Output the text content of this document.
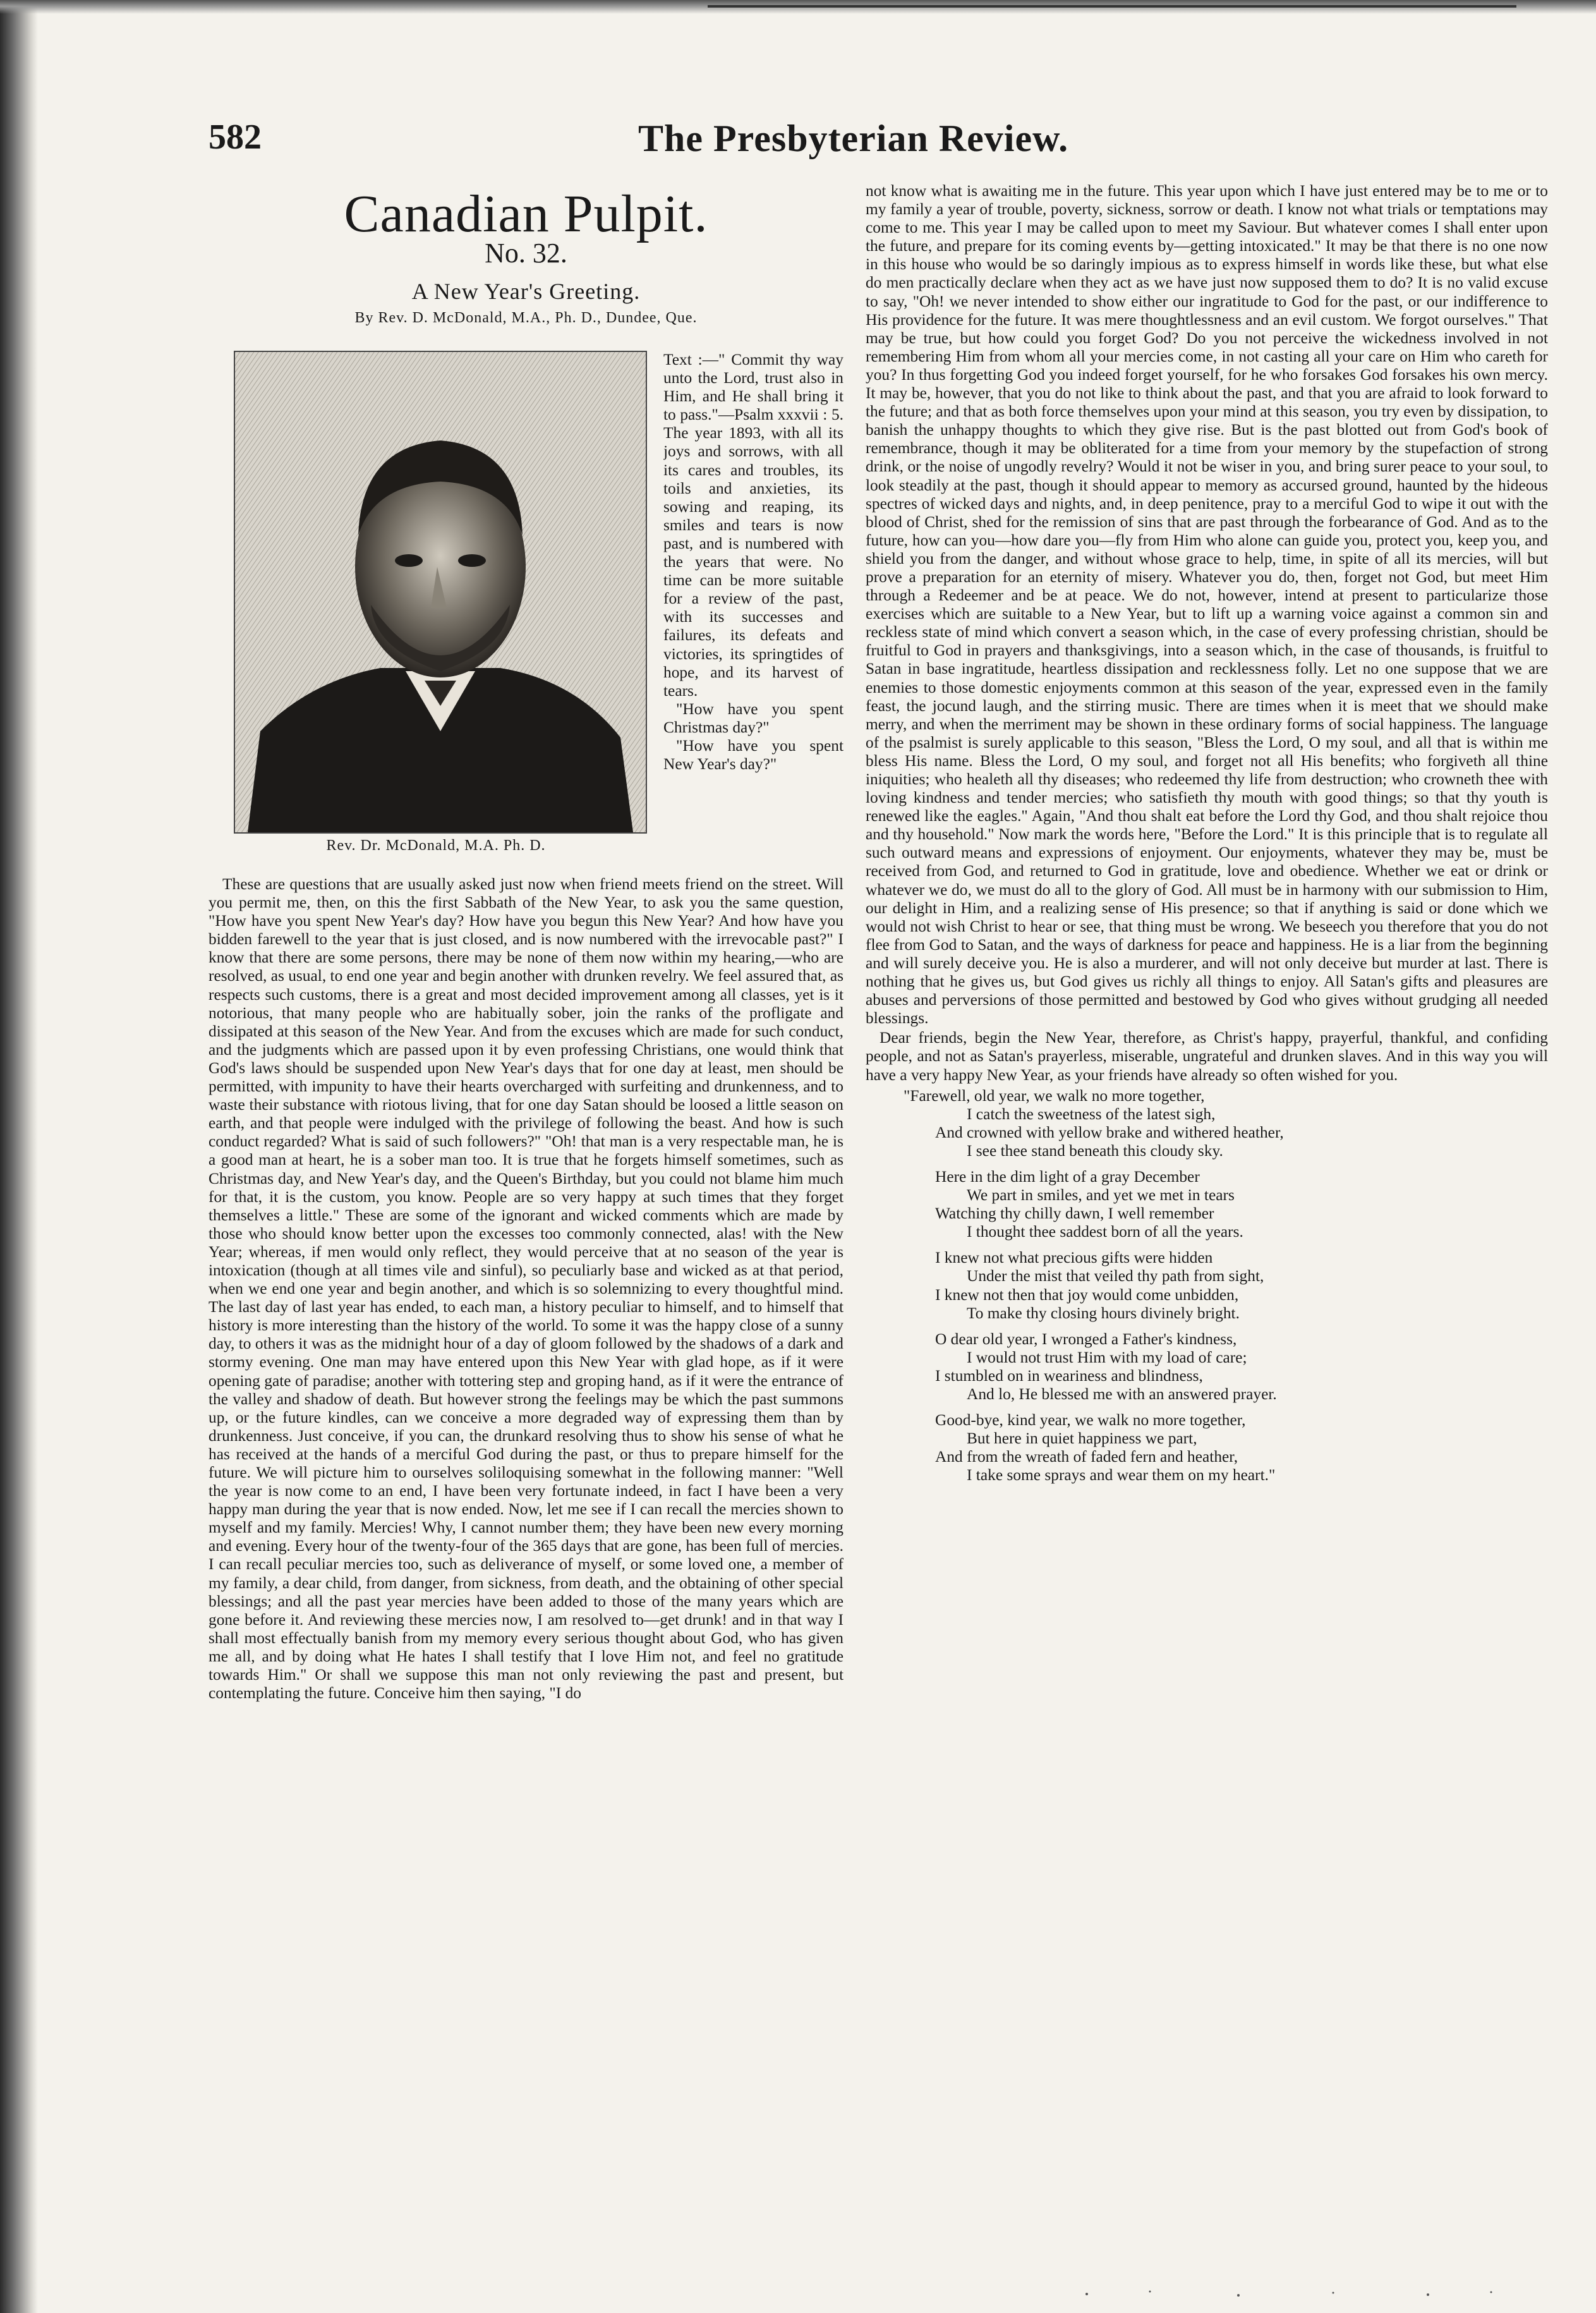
582	The Presbyterian Review.
Canadian Pulpit.
No. 32.
A New Year's Greeting.
By Rev. D. McDonald, M.A., Ph. D., Dundee, Que.

Text :—" Commit thy way unto the Lord, trust also in Him, and He shall bring it to pass."—Psalm xxxvii : 5. The year 1893, with all its joys and sorrows, with all its cares and troubles, its toils and anxieties, its sowing and reaping, its smiles and tears is now past, and is numbered with the years that were. No time can be more suitable for a review of the past, with its successes and failures, its defeats and victories, its springtides of hope, and its harvest of tears.

"How have you spent Christmas day?"

"How have you spent New Year's day?"

Rev. Dr. McDonald, M.A. Ph. D.

These are questions that are usually asked just now when friend meets friend on the street. Will you permit me, then, on this the first Sabbath of the New Year, to ask you the same question, "How have you spent New Year's day? How have you begun this New Year? And how have you bidden farewell to the year that is just closed, and is now numbered with the irrevocable past?" I know that there are some persons, there may be none of them now within my hearing,—who are resolved, as usual, to end one year and begin another with drunken revelry. We feel assured that, as respects such customs, there is a great and most decided improvement among all classes, yet is it notorious, that many people who are habitually sober, join the ranks of the profligate and dissipated at this season of the New Year. And from the excuses which are made for such conduct, and the judgments which are passed upon it by even professing Christians, one would think that God's laws should be suspended upon New Year's days that for one day at least, men should be permitted, with impunity to have their hearts overcharged with surfeiting and drunkenness, and to waste their substance with riotous living, that for one day Satan should be loosed a little season on earth, and that people were indulged with the privilege of following the beast. And how is such conduct regarded? What is said of such followers?" "Oh! that man is a very respectable man, he is a good man at heart, he is a sober man too. It is true that he forgets himself sometimes, such as Christmas day, and New Year's day, and the Queen's Birthday, but you could not blame him much for that, it is the custom, you know. People are so very happy at such times that they forget themselves a little." These are some of the ignorant and wicked comments which are made by those who should know better upon the excesses too commonly connected, alas! with the New Year; whereas, if men would only reflect, they would perceive that at no season of the year is intoxication (though at all times vile and sinful), so peculiarly base and wicked as at that period, when we end one year and begin another, and which is so solemnizing to every thoughtful mind. The last day of last year has ended, to each man, a history peculiar to himself, and to himself that history is more interesting than the history of the world. To some it was the happy close of a sunny day, to others it was as the midnight hour of a day of gloom followed by the shadows of a dark and stormy evening. One man may have entered upon this New Year with glad hope, as if it were opening gate of paradise; another with tottering step and groping hand, as if it were the entrance of the valley and shadow of death. But however strong the feelings may be which the past summons up, or the future kindles, can we conceive a more degraded way of expressing them than by drunkenness. Just conceive, if you can, the drunkard resolving thus to show his sense of what he has received at the hands of a merciful God during the past, or thus to prepare himself for the future. We will picture him to ourselves soliloquising somewhat in the following manner: "Well the year is now come to an end, I have been very fortunate indeed, in fact I have been a very happy man during the year that is now ended. Now, let me see if I can recall the mercies shown to myself and my family. Mercies! Why, I cannot number them; they have been new every morning and evening. Every hour of the twenty-four of the 365 days that are gone, has been full of mercies. I can recall peculiar mercies too, such as deliverance of myself, or some loved one, a member of my family, a dear child, from danger, from sickness, from death, and the obtaining of other special blessings; and all the past year mercies have been added to those of the many years which are gone before it. And reviewing these mercies now, I am resolved to—get drunk! and in that way I shall most effectually banish from my memory every serious thought about God, who has given me all, and by doing what He hates I shall testify that I love Him not, and feel no gratitude towards Him." Or shall we suppose this man not only reviewing the past and present, but contemplating the future. Conceive him then saying, "I do

not know what is awaiting me in the future. This year upon which I have just entered may be to me or to my family a year of trouble, poverty, sickness, sorrow or death. I know not what trials or temptations may come to me. This year I may be called upon to meet my Saviour. But whatever comes I shall enter upon the future, and prepare for its coming events by—getting intoxicated." It may be that there is no one now in this house who would be so daringly impious as to express himself in words like these, but what else do men practically declare when they act as we have just now supposed them to do? It is no valid excuse to say, "Oh! we never intended to show either our ingratitude to God for the past, or our indifference to His providence for the future. It was mere thoughtlessness and an evil custom. We forgot ourselves." That may be true, but how could you forget God? Do you not perceive the wickedness involved in not remembering Him from whom all your mercies come, in not casting all your care on Him who careth for you? In thus forgetting God you indeed forget yourself, for he who forsakes God forsakes his own mercy. It may be, however, that you do not like to think about the past, and that you are afraid to look forward to the future; and that as both force themselves upon your mind at this season, you try even by dissipation, to banish the unhappy thoughts to which they give rise. But is the past blotted out from God's book of remembrance, though it may be obliterated for a time from your memory by the stupefaction of strong drink, or the noise of ungodly revelry? Would it not be wiser in you, and bring surer peace to your soul, to look steadily at the past, though it should appear to memory as accursed ground, haunted by the hideous spectres of wicked days and nights, and, in deep penitence, pray to a merciful God to wipe it out with the blood of Christ, shed for the remission of sins that are past through the forbearance of God. And as to the future, how can you—how dare you—fly from Him who alone can guide you, protect you, keep you, and shield you from the danger, and without whose grace to help, time, in spite of all its mercies, will but prove a preparation for an eternity of misery. Whatever you do, then, forget not God, but meet Him through a Redeemer and be at peace. We do not, however, intend at present to particularize those exercises which are suitable to a New Year, but to lift up a warning voice against a common sin and reckless state of mind which convert a season which, in the case of every professing christian, should be fruitful to God in prayers and thanksgivings, into a season which, in the case of thousands, is fruitful to Satan in base ingratitude, heartless dissipation and recklessness folly. Let no one suppose that we are enemies to those domestic enjoyments common at this season of the year, expressed even in the family feast, the jocund laugh, and the stirring music. There are times when it is meet that we should make merry, and when the merriment may be shown in these ordinary forms of social happiness. The language of the psalmist is surely applicable to this season, "Bless the Lord, O my soul, and all that is within me bless His name. Bless the Lord, O my soul, and forget not all His benefits; who forgiveth all thine iniquities; who healeth all thy diseases; who redeemed thy life from destruction; who crowneth thee with loving kindness and tender mercies; who satisfieth thy mouth with good things; so that thy youth is renewed like the eagles." Again, "And thou shalt eat before the Lord thy God, and thou shalt rejoice thou and thy household." Now mark the words here, "Before the Lord." It is this principle that is to regulate all such outward means and expressions of enjoyment. Our enjoyments, whatever they may be, must be received from God, and returned to God in gratitude, love and obedience. Whether we eat or drink or whatever we do, we must do all to the glory of God. All must be in harmony with our submission to Him, our delight in Him, and a realizing sense of His presence; so that if anything is said or done which we would not wish Christ to hear or see, that thing must be wrong. We beseech you therefore that you do not flee from God to Satan, and the ways of darkness for peace and happiness. He is a liar from the beginning and will surely deceive you. He is also a murderer, and will not only deceive but murder at last. There is nothing that he gives us, but God gives us richly all things to enjoy. All Satan's gifts and pleasures are abuses and perversions of those permitted and bestowed by God who gives without grudging all needed blessings.

Dear friends, begin the New Year, therefore, as Christ's happy, prayerful, thankful, and confiding people, and not as Satan's prayerless, miserable, ungrateful and drunken slaves. And in this way you will have a very happy New Year, as your friends have already so often wished for you.

"Farewell, old year, we walk no more together,
I catch the sweetness of the latest sigh,
And crowned with yellow brake and withered heather,
I see thee stand beneath this cloudy sky.
Here in the dim light of a gray December
We part in smiles, and yet we met in tears
Watching thy chilly dawn, I well remember
I thought thee saddest born of all the years.
I knew not what precious gifts were hidden
Under the mist that veiled thy path from sight,
I knew not then that joy would come unbidden,
To make thy closing hours divinely bright.
O dear old year, I wronged a Father's kindness,
I would not trust Him with my load of care;
I stumbled on in weariness and blindness,
And lo, He blessed me with an answered prayer.
Good-bye, kind year, we walk no more together,
But here in quiet happiness we part,
And from the wreath of faded fern and heather,
I take some sprays and wear them on my heart."
